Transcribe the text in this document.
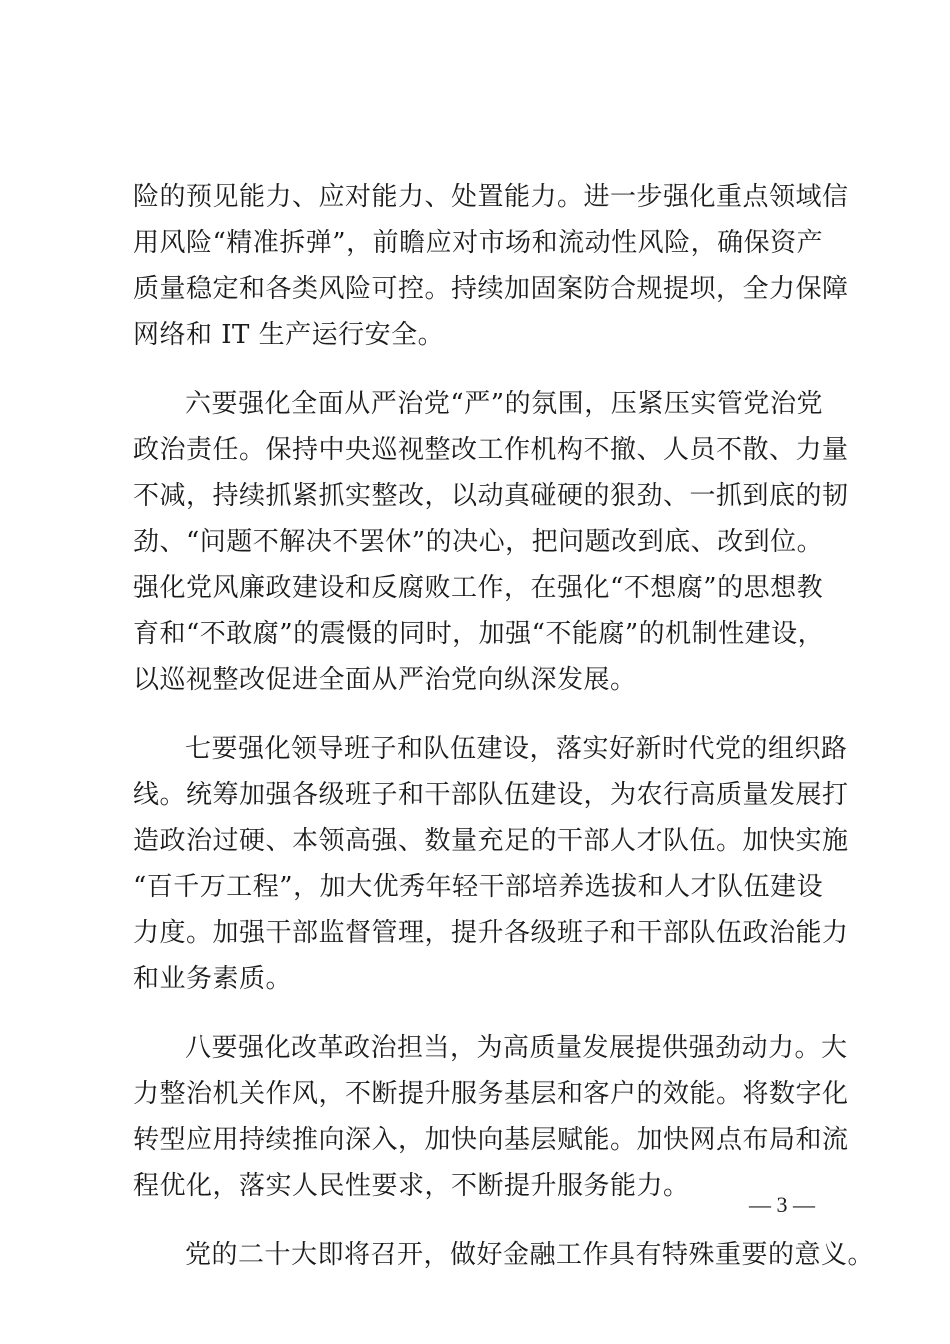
险的预见能力、应对能力、处置能力。进一步强化重点领域信
用风险“精准拆弹”，前瞻应对市场和流动性风险，确保资产
质量稳定和各类风险可控。持续加固案防合规提坝，全力保障
网络和 IT 生产运行安全。
六要强化全面从严治党“严”的氛围，压紧压实管党治党
政治责任。保持中央巡视整改工作机构不撤、人员不散、力量
不减，持续抓紧抓实整改，以动真碰硬的狠劲、一抓到底的韧
劲、“问题不解决不罢休”的决心，把问题改到底、改到位。
强化党风廉政建设和反腐败工作，在强化“不想腐”的思想教
育和“不敢腐”的震慑的同时，加强“不能腐”的机制性建设，
以巡视整改促进全面从严治党向纵深发展。
七要强化领导班子和队伍建设，落实好新时代党的组织路
线。统筹加强各级班子和干部队伍建设，为农行高质量发展打
造政治过硬、本领高强、数量充足的干部人才队伍。加快实施
“百千万工程”，加大优秀年轻干部培养选拔和人才队伍建设
力度。加强干部监督管理，提升各级班子和干部队伍政治能力
和业务素质。
八要强化改革政治担当，为高质量发展提供强劲动力。大
力整治机关作风，不断提升服务基层和客户的效能。将数字化
转型应用持续推向深入，加快向基层赋能。加快网点布局和流
程优化，落实人民性要求，不断提升服务能力。
党的二十大即将召开，做好金融工作具有特殊重要的意义。
— 3 —
